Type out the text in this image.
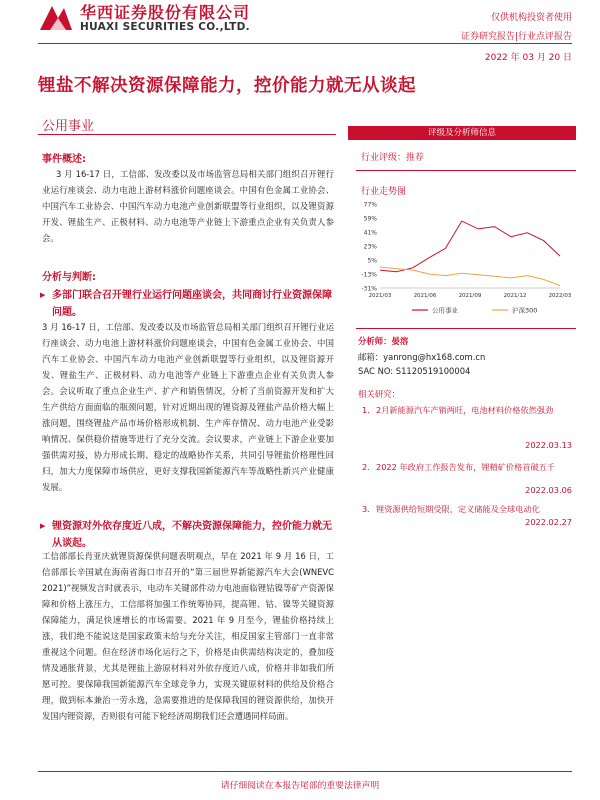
华西证券股份有限公司
HUAXI SECURITIES CO.,LTD.
仅供机构投资者使用
证券研究报告|行业点评报告
2022 年 03 月 20 日
锂盐不解决资源保障能力，控价能力就无从谈起
公用事业
事件概述:
3 月 16-17 日，工信部、发改委以及市场监管总局相关部门组织召开锂行业运行座谈会、动力电池上游材料涨价问题座谈会。中国有色金属工业协会、中国汽车工业协会、中国汽车动力电池产业创新联盟等行业组织，以及锂资源开发、锂盐生产、正极材料、动力电池等产业链上下游重点企业有关负责人参会。
分析与判断:
▶ 多部门联合召开锂行业运行问题座谈会，共同商讨行业资源保障问题。
3 月 16-17 日，工信部、发改委以及市场监管总局相关部门组织召开锂行业运行座谈会、动力电池上游材料涨价问题座谈会，中国有色金属工业协会、中国汽车工业协会、中国汽车动力电池产业创新联盟等行业组织，以及锂资源开发、锂盐生产、正极材料、动力电池等产业链上下游重点企业有关负责人参会。会议听取了重点企业生产、扩产和销售情况，分析了当前资源开发和扩大生产供给方面面临的瓶颈问题，针对近期出现的锂资源及锂盐产品价格大幅上涨问题，围绕锂盐产品市场价格形成机制、生产库存情况、动力电池产业受影响情况、保供稳价措施等进行了充分交流。会议要求，产业链上下游企业要加强供需对接，协力形成长期、稳定的战略协作关系，共同引导锂盐价格理性回归，加大力度保障市场供应，更好支撑我国新能源汽车等战略性新兴产业健康发展。
▶ 锂资源对外依存度近八成，不解决资源保障能力，控价能力就无从谈起。
工信部部长肖亚庆就锂资源保供问题表明观点，早在 2021 年 9 月 16 日，工信部部长辛国斌在海南省海口市召开的“第三届世界新能源汽车大会(WNEVC 2021)”视频发言时就表示，电动车关键部件动力电池面临锂钴镍等矿产资源保障和价格上涨压力，工信部将加强工作统筹协同，提高锂、钴、镍等关键资源保障能力，满足快速增长的市场需要。2021 年 9 月至今，锂盐价格持续上涨，我们绝不能说这是国家政策未给与充分关注，相反国家主管部门一直非常重视这个问题。但在经济市场化运行之下，价格是由供需结构决定的，叠加疫情及通胀背景，尤其是锂盐上游原材料对外依存度近八成，价格并非如我们所愿可控。要保障我国新能源汽车全球竞争力，实现关键原材料的供给及价格合理，做到标本兼治一劳永逸，急需要推进的是保障我国的锂资源供给，加快开发国内锂资源，否则很有可能下轮经济周期我们还会遭遇同样局面。
评级及分析师信息
行业评级：推荐
行业走势图
77%
59%
41%
23%
5%
-13%
-31%
2021/03	2021/06	2021/09	2021/12	2022/03
公用事业	沪深300
分析师：晏溶
邮箱：yanrong@hx168.com.cn
SAC NO: S1120519100004
相关研究：
1. 2月新能源汽车产销两旺，电池材料价格依然强劲
2022.03.13
2. 2022 年政府工作报告发布，锂精矿价格首破五千
2022.03.06
3. 锂资源供给短期受限，定义储能及全球电动化
2022.02.27
请仔细阅读在本报告尾部的重要法律声明
